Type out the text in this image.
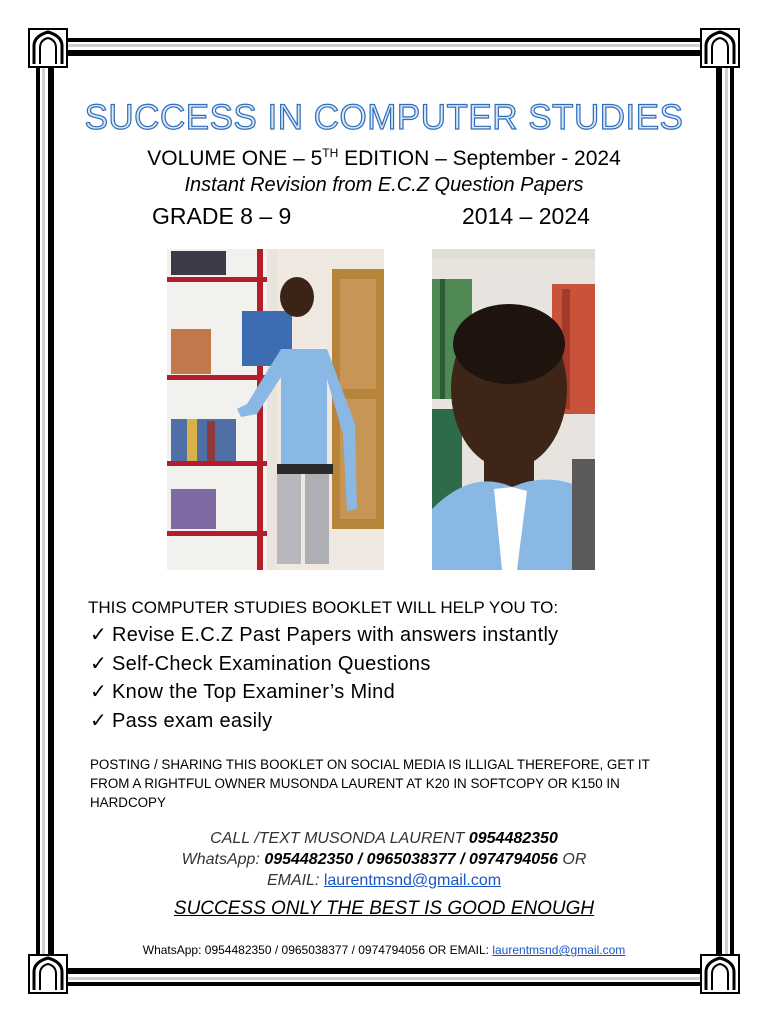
SUCCESS IN COMPUTER STUDIES
VOLUME ONE – 5TH EDITION – September - 2024
Instant Revision from E.C.Z Question Papers
GRADE 8 – 9	2014 – 2024
THIS COMPUTER STUDIES BOOKLET WILL HELP YOU TO:
✓ Revise E.C.Z Past Papers with answers instantly
✓ Self-Check Examination Questions
✓ Know the Top Examiner’s Mind
✓ Pass exam easily
POSTING / SHARING THIS BOOKLET ON SOCIAL MEDIA IS ILLIGAL THEREFORE, GET IT FROM A RIGHTFUL OWNER MUSONDA LAURENT AT K20 IN SOFTCOPY OR K150 IN HARDCOPY
CALL /TEXT MUSONDA LAURENT 0954482350
WhatsApp: 0954482350 / 0965038377 / 0974794056 OR
EMAIL: laurentmsnd@gmail.com
SUCCESS ONLY THE BEST IS GOOD ENOUGH
WhatsApp: 0954482350 / 0965038377 / 0974794056 OR EMAIL: laurentmsnd@gmail.com
